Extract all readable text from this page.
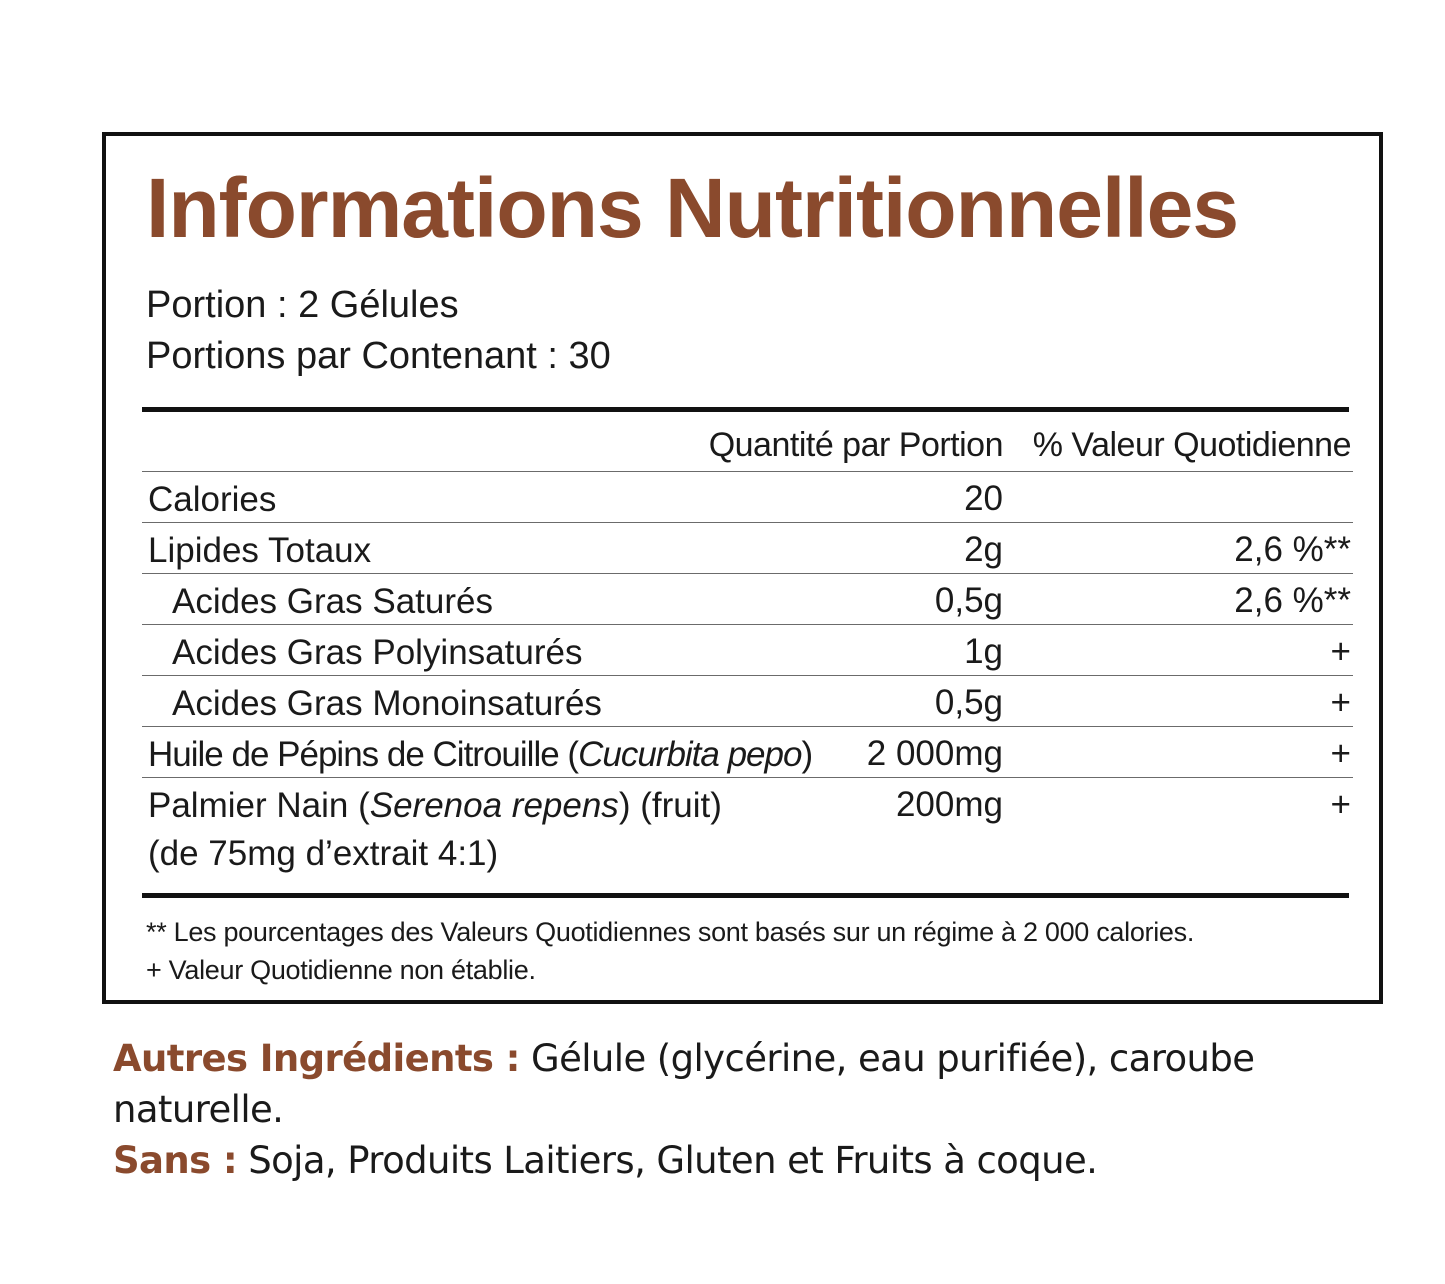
Informations Nutritionnelles
Portion : 2 Gélules
Portions par Contenant : 30
Quantité par Portion % Valeur Quotidienne
Calories	20
Lipides Totaux	2g	2,6 %**
Acides Gras Saturés	0,5g	2,6 %**
Acides Gras Polyinsaturés	1g	+
Acides Gras Monoinsaturés	0,5g	+
Huile de Pépins de Citrouille (Cucurbita pepo) 2 000mg	+
Palmier Nain (Serenoa repens) (fruit)
(de 75mg d’extrait 4:1)
200mg	+
** Les pourcentages des Valeurs Quotidiennes sont basés sur un régime à 2 000 calories.
+ Valeur Quotidienne non établie.

Autres Ingrédients : Gélule (glycérine, eau purifiée), caroube naturelle.

Sans : Soja, Produits Laitiers, Gluten et Fruits à coque.
